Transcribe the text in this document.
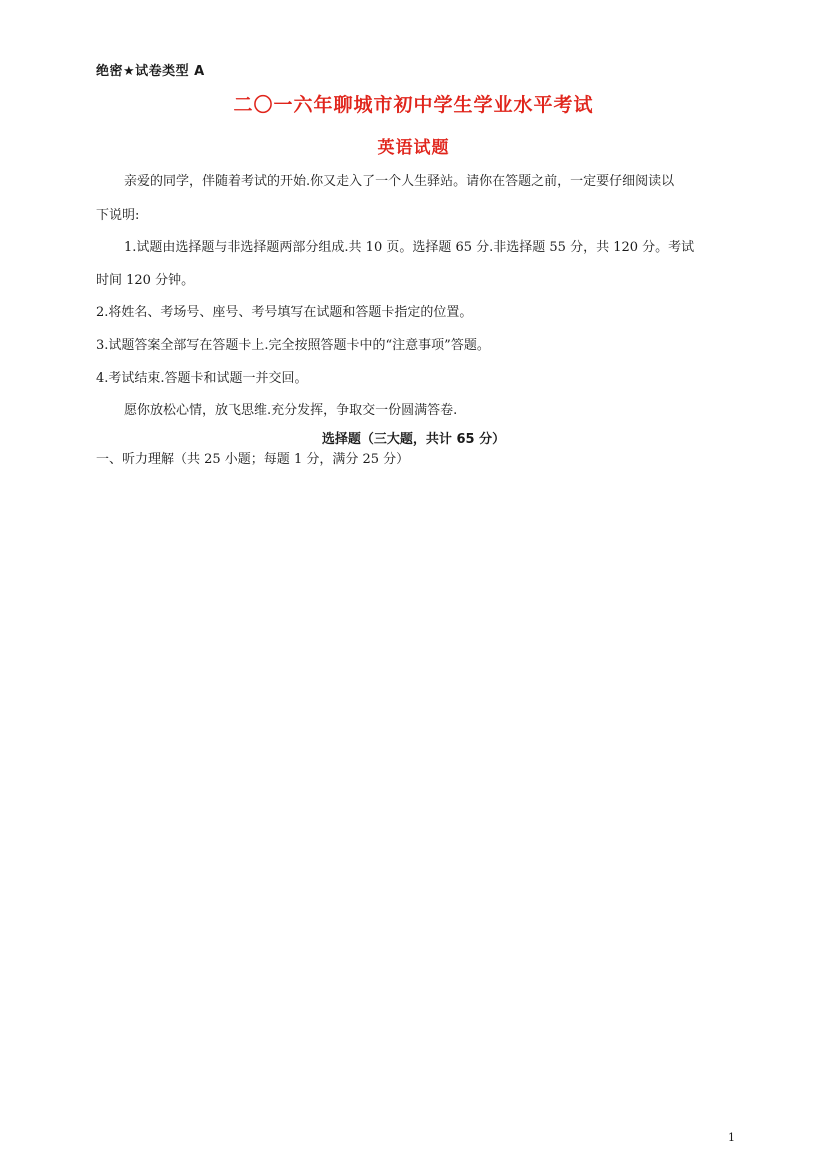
绝密★试卷类型 A
二〇一六年聊城市初中学生学业水平考试
英语试题
亲爱的同学，伴随着考试的开始.你又走入了一个人生驿站。请你在答题之前，一定要仔细阅读以
下说明:
1.试题由选择题与非选择题两部分组成.共 10 页。选择题 65 分.非选择题 55 分，共 120 分。考试
时间 120 分钟。
2.将姓名、考场号、座号、考号填写在试题和答题卡指定的位置。
3.试题答案全部写在答题卡上.完全按照答题卡中的“注意事项”答题。
4.考试结束.答题卡和试题一并交回。
愿你放松心情，放飞思维.充分发挥，争取交一份圆满答卷.
选择题（三大题，共计 65 分）
一、听力理解（共 25 小题；每题 1 分，满分 25 分）
1
